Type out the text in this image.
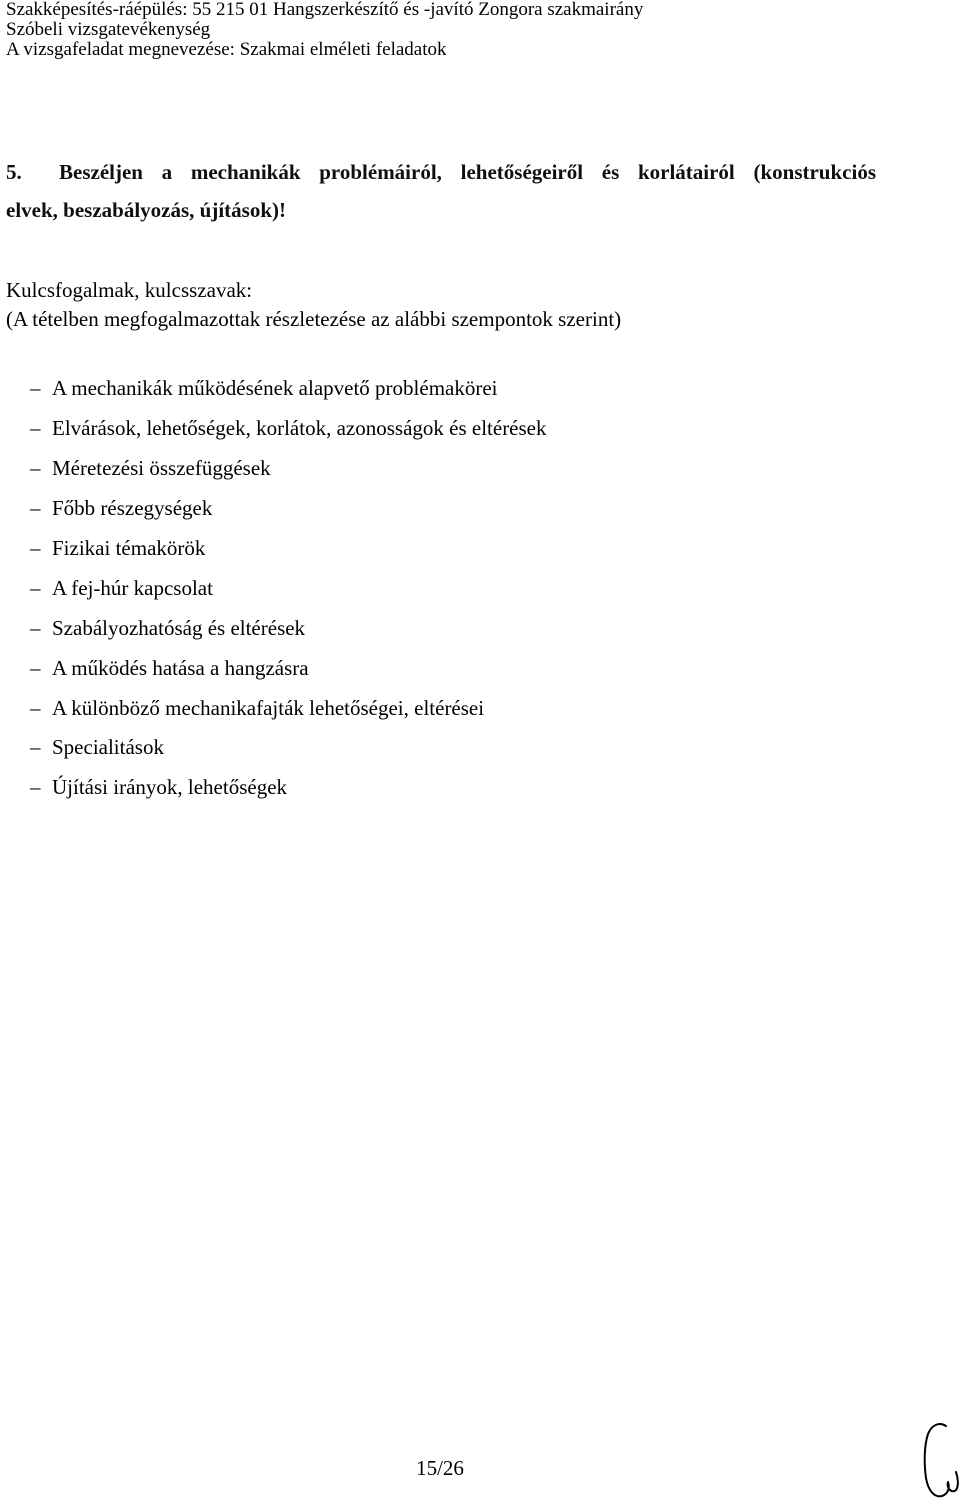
Szakképesítés-ráépülés: 55 215 01 Hangszerkészítő és -javító Zongora szakmairány
Szóbeli vizsgatevékenység
A vizsgafeladat megnevezése: Szakmai elméleti feladatok
5.	Beszéljen a mechanikák problémáiról, lehetőségeiről és korlátairól (konstrukciós
elvek, beszabályozás, újítások)!
Kulcsfogalmak, kulcsszavak:
(A tételben megfogalmazottak részletezése az alábbi szempontok szerint)
– A mechanikák működésének alapvető problémakörei
– Elvárások, lehetőségek, korlátok, azonosságok és eltérések
– Méretezési összefüggések
– Főbb részegységek
– Fizikai témakörök
– A fej-húr kapcsolat
– Szabályozhatóság és eltérések
– A működés hatása a hangzásra
– A különböző mechanikafajták lehetőségei, eltérései
– Specialitások
– Újítási irányok, lehetőségek
15/26
